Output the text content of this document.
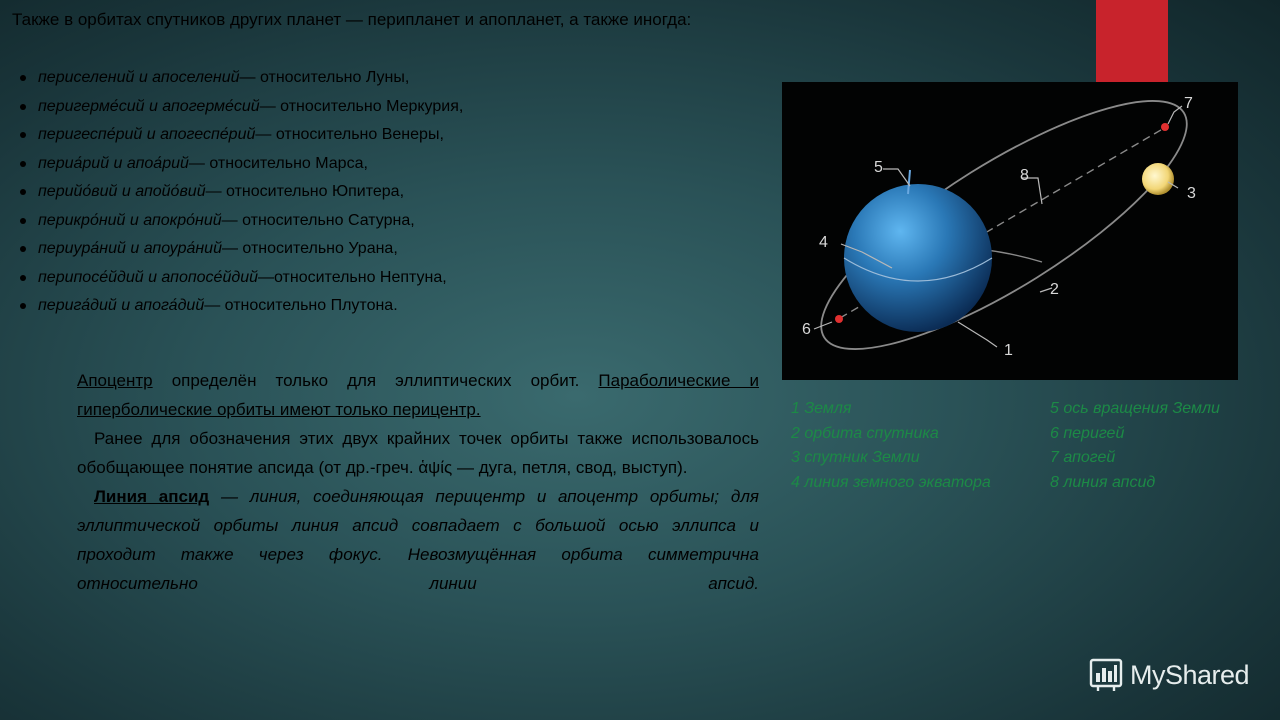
Также в орбитах спутников других планет — перипланет и апопланет, а также иногда:
периселений и апоселений — относительно Луны,
перигерме́сий и апогерме́сий — относительно Меркурия,
перигеспе́рий и апогеспе́рий — относительно Венеры,
периа́рий и апоа́рий — относительно Марса,
перийо́вий и апойо́вий — относительно Юпитера,
перикро́ний и апокро́ний — относительно Сатурна,
периура́ний и апоура́ний — относительно Урана,
перипосе́йдий и апопосе́йдий —относительно Нептуна,
перига́дий и апога́дий — относительно Плутона.

Апоцентр определён только для эллиптических орбит. Параболические и гиперболические орбиты имеют только перицентр.

Ранее для обозначения этих двух крайних точек орбиты также использовалось обобщающее понятие апсида (от др.-греч. ἁψίς — дуга, петля, свод, выступ).

Линия апсид — линия, соединяющая перицентр и апоцентр орбиты; для эллиптической орбиты линия апсид совпадает с большой осью эллипса и проходит также через фокус. Невозмущённая орбита симметрична относительно линии апсид.

1
2
3
4
5
6
7
8
1 Земля
2 орбита спутника
3 спутник Земли
4 линия земного экватора
5 ось вращения Земли
6 перигей
7 апогей
8 линия апсид
MyShared
